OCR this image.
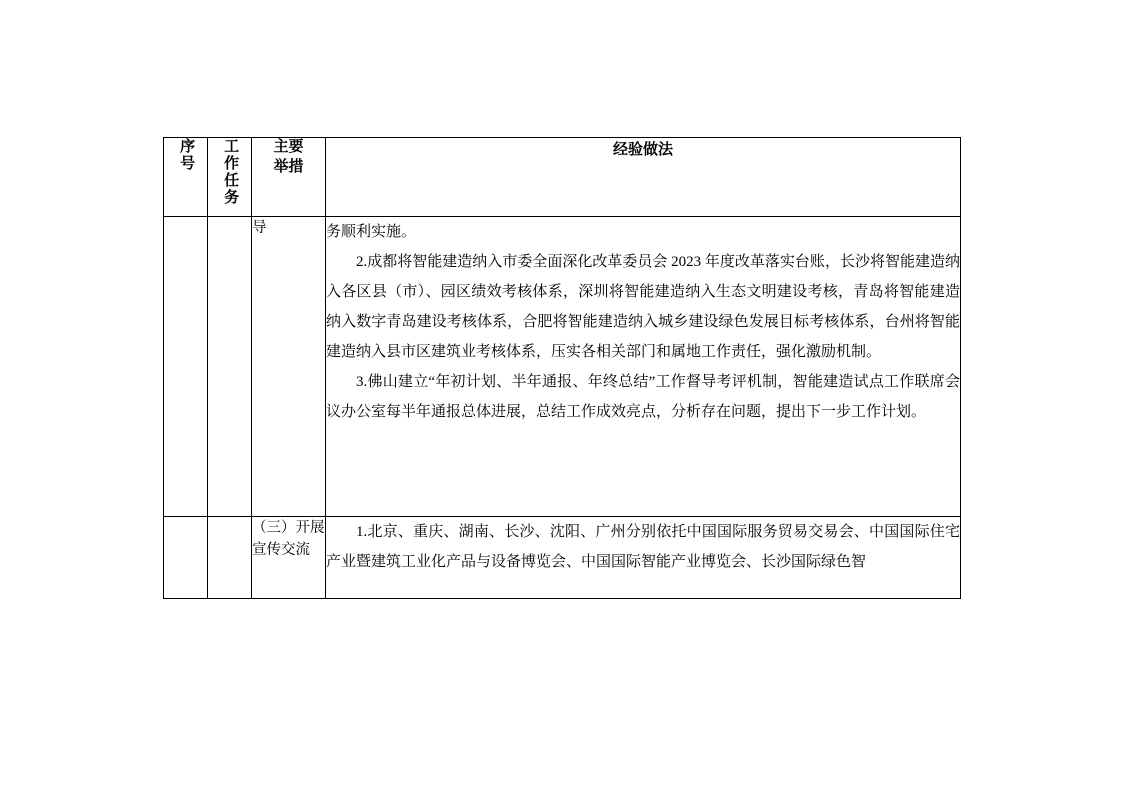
序号	工作任务	主要举措	经验做法
		导	务顺利实施。

2.成都将智能建造纳入市委全面深化改革委员会 2023 年度改革落实台账，长沙将智能建造纳入各区县（市）、园区绩效考核体系，深圳将智能建造纳入生态文明建设考核，青岛将智能建造纳入数字青岛建设考核体系，合肥将智能建造纳入城乡建设绿色发展目标考核体系，台州将智能建造纳入县市区建筑业考核体系，压实各相关部门和属地工作责任，强化激励机制。

3.佛山建立“年初计划、半年通报、年终总结”工作督导考评机制，智能建造试点工作联席会议办公室每半年通报总体进展，总结工作成效亮点，分析存在问题，提出下一步工作计划。

		（三）开展宣传交流	1.北京、重庆、湖南、长沙、沈阳、广州分别依托中国国际服务贸易交易会、中国国际住宅产业暨建筑工业化产品与设备博览会、中国国际智能产业博览会、长沙国际绿色智
